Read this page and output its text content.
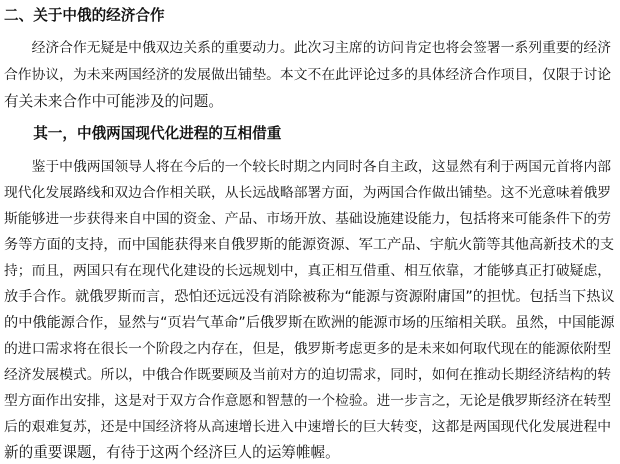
二、关于中俄的经济合作
　　经济合作无疑是中俄双边关系的重要动力。此次习主席的访问肯定也将会签署一系列重要的经济
合作协议，为未来两国经济的发展做出铺垫。本文不在此评论过多的具体经济合作项目，仅限于讨论
有关未来合作中可能涉及的问题。
　　其一，中俄两国现代化进程的互相借重
　　鉴于中俄两国领导人将在今后的一个较长时期之内同时各自主政，这显然有利于两国元首将内部
现代化发展路线和双边合作相关联，从长远战略部署方面，为两国合作做出铺垫。这不光意味着俄罗
斯能够进一步获得来自中国的资金、产品、市场开放、基础设施建设能力，包括将来可能条件下的劳
务等方面的支持，而中国能获得来自俄罗斯的能源资源、军工产品、宇航火箭等其他高新技术的支
持；而且，两国只有在现代化建设的长远规划中，真正相互借重、相互依靠，才能够真正打破疑虑，
放手合作。就俄罗斯而言，恐怕还远远没有消除被称为“能源与资源附庸国”的担忧。包括当下热议
的中俄能源合作，显然与“页岩气革命”后俄罗斯在欧洲的能源市场的压缩相关联。虽然，中国能源
的进口需求将在很长一个阶段之内存在，但是，俄罗斯考虑更多的是未来如何取代现在的能源依附型
经济发展模式。所以，中俄合作既要顾及当前对方的迫切需求，同时，如何在推动长期经济结构的转
型方面作出安排，这是对于双方合作意愿和智慧的一个检验。进一步言之，无论是俄罗斯经济在转型
后的艰难复苏，还是中国经济将从高速增长进入中速增长的巨大转变，这都是两国现代化发展进程中
新的重要课题，有待于这两个经济巨人的运筹帷幄。
